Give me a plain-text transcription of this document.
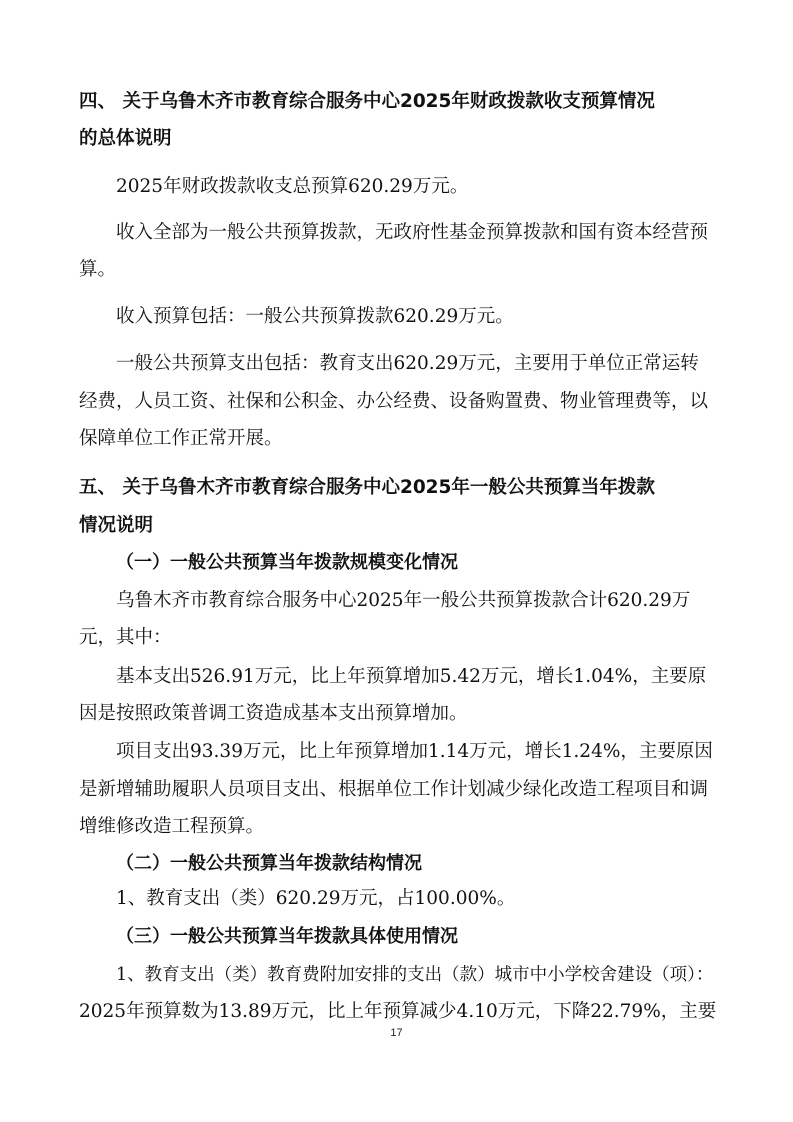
四、 关于乌鲁木齐市教育综合服务中心2025年财政拨款收支预算情况
的总体说明
2025年财政拨款收支总预算620.29万元。
收入全部为一般公共预算拨款，无政府性基金预算拨款和国有资本经营预
算。
收入预算包括：一般公共预算拨款620.29万元。
一般公共预算支出包括：教育支出620.29万元，主要用于单位正常运转
经费，人员工资、社保和公积金、办公经费、设备购置费、物业管理费等，以
保障单位工作正常开展。
五、 关于乌鲁木齐市教育综合服务中心2025年一般公共预算当年拨款
情况说明
（一）一般公共预算当年拨款规模变化情况
乌鲁木齐市教育综合服务中心2025年一般公共预算拨款合计620.29万
元，其中：
基本支出526.91万元，比上年预算增加5.42万元，增长1.04%，主要原
因是按照政策普调工资造成基本支出预算增加。
项目支出93.39万元，比上年预算增加1.14万元，增长1.24%，主要原因
是新增辅助履职人员项目支出、根据单位工作计划减少绿化改造工程项目和调
增维修改造工程预算。
（二）一般公共预算当年拨款结构情况
1、教育支出（类）620.29万元，占100.00%。
（三）一般公共预算当年拨款具体使用情况
1、教育支出（类）教育费附加安排的支出（款）城市中小学校舍建设（项）：
2025年预算数为13.89万元，比上年预算减少4.10万元，下降22.79%，主要
17
